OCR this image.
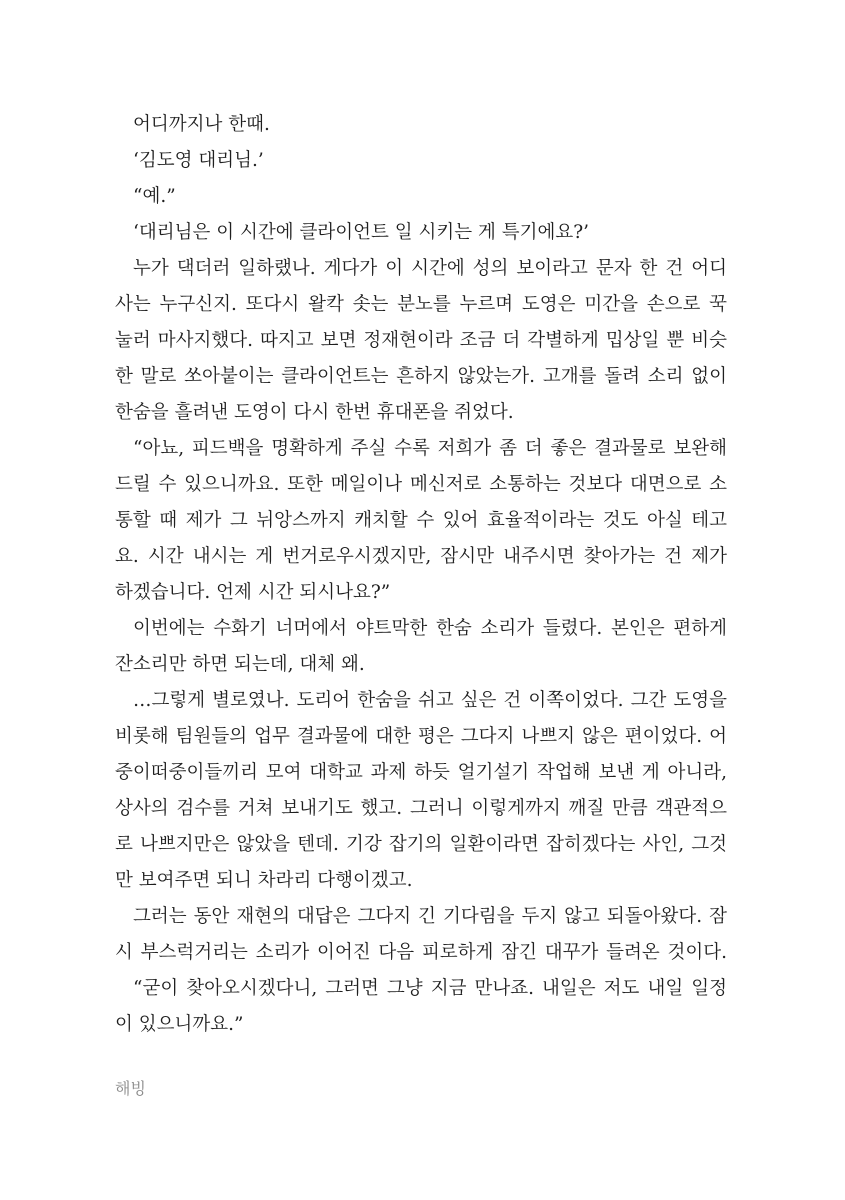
어디까지나 한때.
‘김도영 대리님.’
“예.”
‘대리님은 이 시간에 클라이언트 일 시키는 게 특기에요?’
누가 댁더러 일하랬나. 게다가 이 시간에 성의 보이라고 문자 한 건 어디
사는 누구신지. 또다시 왈칵 솟는 분노를 누르며 도영은 미간을 손으로 꾹
눌러 마사지했다. 따지고 보면 정재현이라 조금 더 각별하게 밉상일 뿐 비슷
한 말로 쏘아붙이는 클라이언트는 흔하지 않았는가. 고개를 돌려 소리 없이
한숨을 흘려낸 도영이 다시 한번 휴대폰을 쥐었다.
“아뇨, 피드백을 명확하게 주실 수록 저희가 좀 더 좋은 결과물로 보완해
드릴 수 있으니까요. 또한 메일이나 메신저로 소통하는 것보다 대면으로 소
통할 때 제가 그 뉘앙스까지 캐치할 수 있어 효율적이라는 것도 아실 테고
요. 시간 내시는 게 번거로우시겠지만, 잠시만 내주시면 찾아가는 건 제가
하겠습니다. 언제 시간 되시나요?”
이번에는 수화기 너머에서 야트막한 한숨 소리가 들렸다. 본인은 편하게
잔소리만 하면 되는데, 대체 왜.
…그렇게 별로였나. 도리어 한숨을 쉬고 싶은 건 이쪽이었다. 그간 도영을
비롯해 팀원들의 업무 결과물에 대한 평은 그다지 나쁘지 않은 편이었다. 어
중이떠중이들끼리 모여 대학교 과제 하듯 얼기설기 작업해 보낸 게 아니라,
상사의 검수를 거쳐 보내기도 했고. 그러니 이렇게까지 깨질 만큼 객관적으
로 나쁘지만은 않았을 텐데. 기강 잡기의 일환이라면 잡히겠다는 사인, 그것
만 보여주면 되니 차라리 다행이겠고.
그러는 동안 재현의 대답은 그다지 긴 기다림을 두지 않고 되돌아왔다. 잠
시 부스럭거리는 소리가 이어진 다음 피로하게 잠긴 대꾸가 들려온 것이다.
“굳이 찾아오시겠다니, 그러면 그냥 지금 만나죠. 내일은 저도 내일 일정
이 있으니까요.”
해빙
